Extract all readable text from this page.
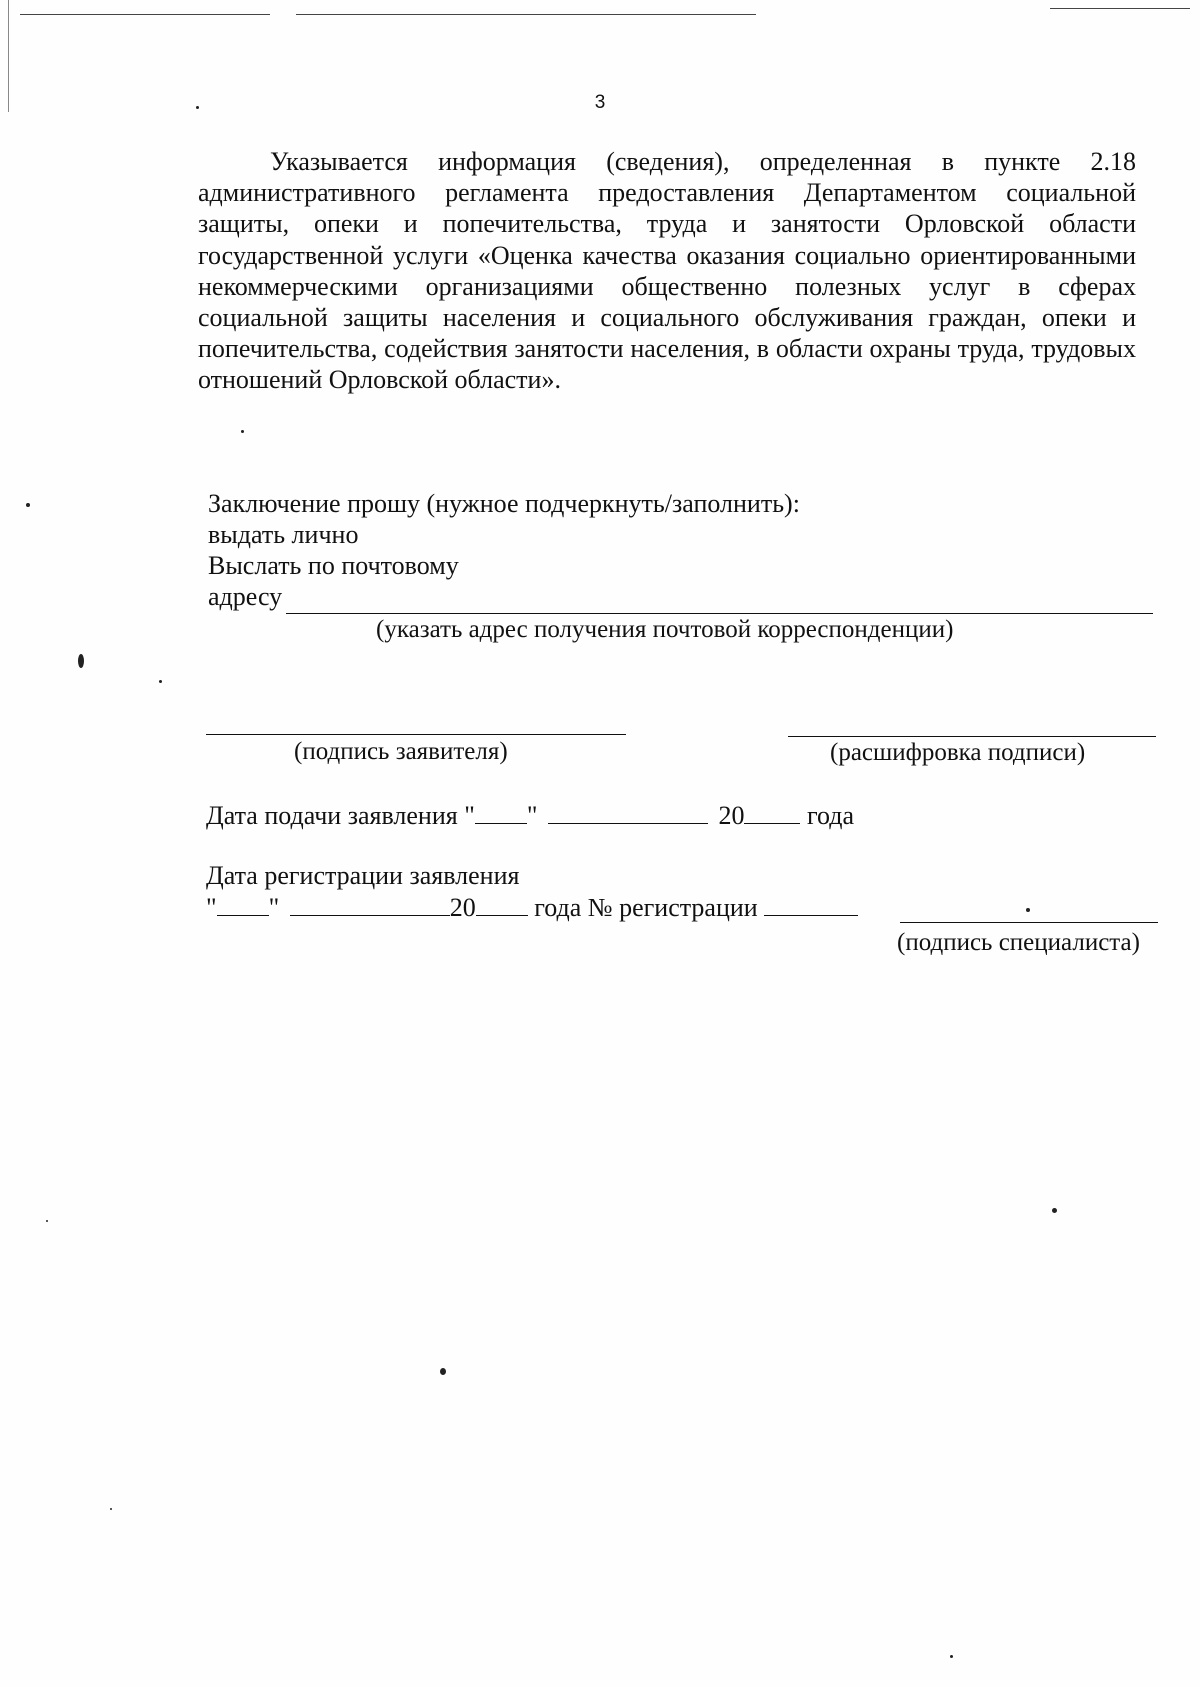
3

Указывается информация (сведения), определенная в пункте 2.18 административного регламента предоставления Департаментом социальной защиты, опеки и попечительства, труда и занятости Орловской области государственной услуги «Оценка качества оказания социально ориентированными некоммерческими организациями общественно полезных услуг в сферах социальной защиты населения и социального обслуживания граждан, опеки и попечительства, содействия занятости населения, в области охраны труда, трудовых отношений Орловской области».

Заключение прошу (нужное подчеркнуть/заполнить):
выдать лично
Выслать по почтовому
адресу
(указать адрес получения почтовой корреспонденции)
(подпись заявителя)	(расшифровка подписи)
Дата подачи заявления " "	20 года
Дата регистрации заявления
" "	20 года № регистрации
(подпись специалиста)
